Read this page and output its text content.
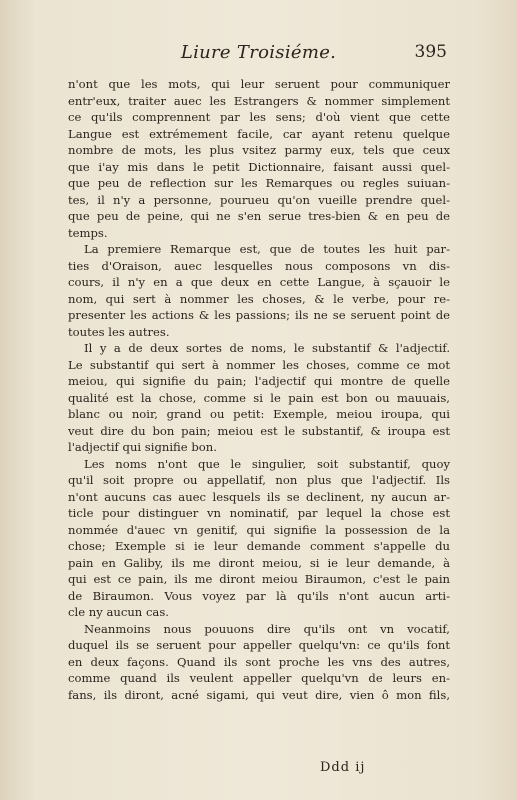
Liure Troisiéme.	395
n'ont que les mots, qui leur seruent pour communiquer
entr'eux, traiter auec les Estrangers & nommer simplement
ce qu'ils comprennent par les sens; d'où vient que cette
Langue est extrémement facile, car ayant retenu quelque
nombre de mots, les plus vsitez parmy eux, tels que ceux
que i'ay mis dans le petit Dictionnaire, faisant aussi quel-
que peu de reflection sur les Remarques ou regles suiuan-
tes, il n'y a personne, pourueu qu'on vueille prendre quel-
que peu de peine, qui ne s'en serue tres-bien & en peu de
temps.
La premiere Remarque est, que de toutes les huit par-
ties d'Oraison, auec lesquelles nous composons vn dis-
cours, il n'y en a que deux en cette Langue, à sçauoir le
nom, qui sert à nommer les choses, & le verbe, pour re-
presenter les actions & les passions; ils ne se seruent point de
toutes les autres.
Il y a de deux sortes de noms, le substantif & l'adjectif.
Le substantif qui sert à nommer les choses, comme ce mot
meiou, qui signifie du pain; l'adjectif qui montre de quelle
qualité est la chose, comme si le pain est bon ou mauuais,
blanc ou noir, grand ou petit: Exemple, meiou iroupa, qui
veut dire du bon pain; meiou est le substantif, & iroupa est
l'adjectif qui signifie bon.
Les noms n'ont que le singulier, soit substantif, quoy
qu'il soit propre ou appellatif, non plus que l'adjectif. Ils
n'ont aucuns cas auec lesquels ils se declinent, ny aucun ar-
ticle pour distinguer vn nominatif, par lequel la chose est
nommée d'auec vn genitif, qui signifie la possession de la
chose; Exemple si ie leur demande comment s'appelle du
pain en Galiby, ils me diront meiou, si ie leur demande, à
qui est ce pain, ils me diront meiou Biraumon, c'est le pain
de Biraumon. Vous voyez par là qu'ils n'ont aucun arti-
cle ny aucun cas.
Neanmoins nous pouuons dire qu'ils ont vn vocatif,
duquel ils se seruent pour appeller quelqu'vn: ce qu'ils font
en deux façons. Quand ils sont proche les vns des autres,
comme quand ils veulent appeller quelqu'vn de leurs en-
fans, ils diront, acné sigami, qui veut dire, vien ô mon fils,
Ddd ij
